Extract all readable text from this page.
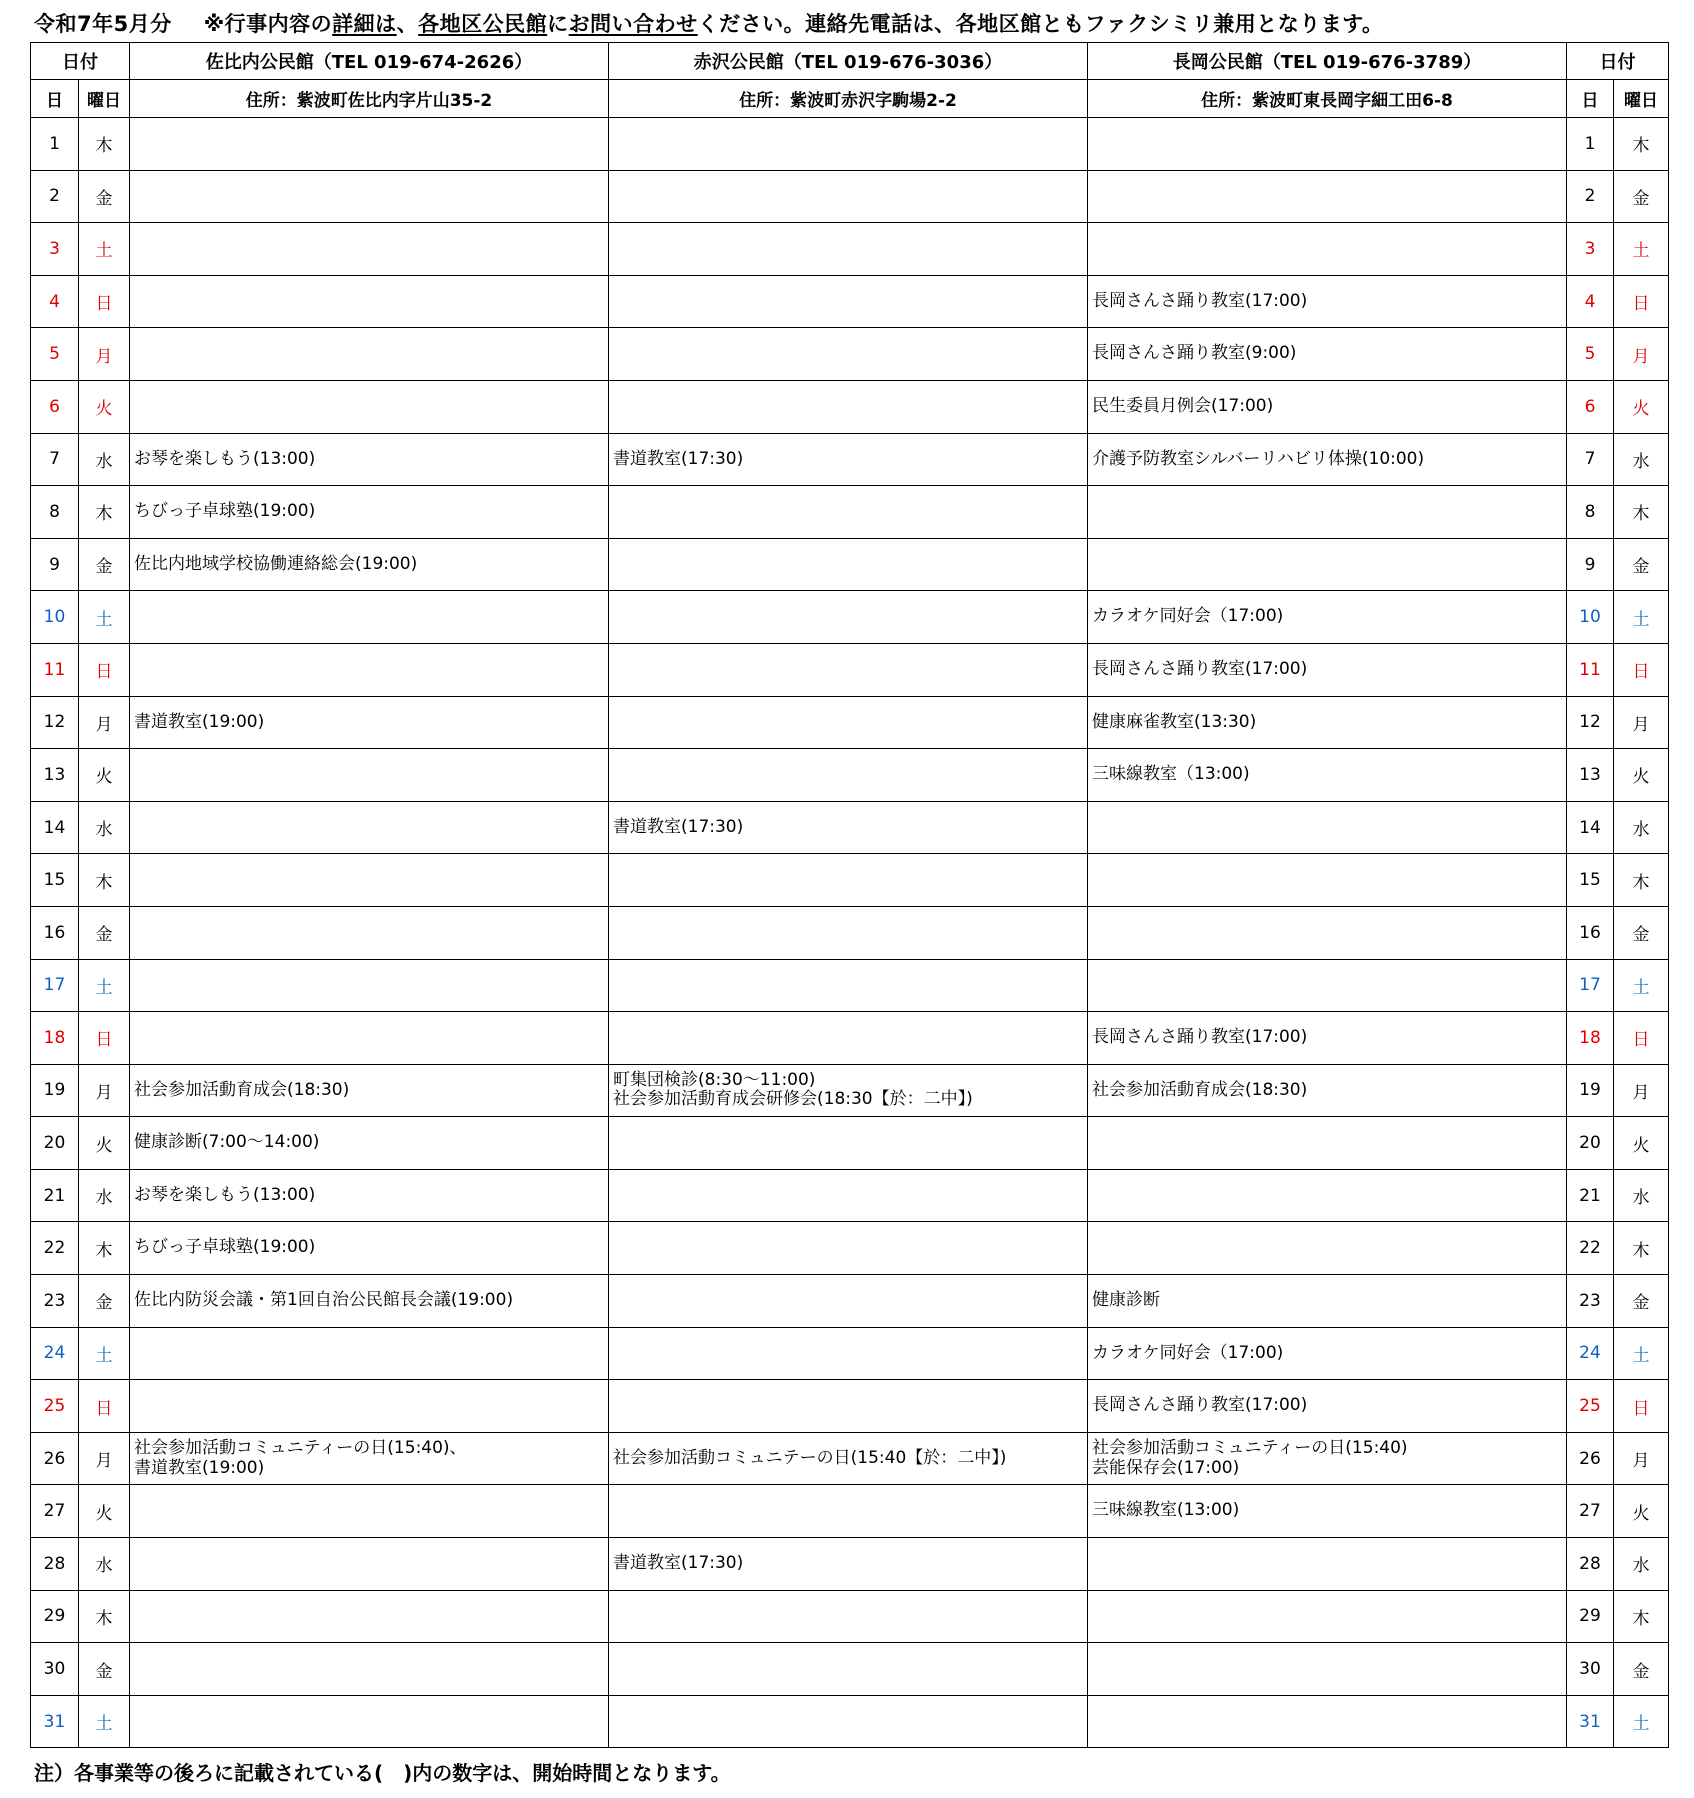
令和7年5月分 ※行事内容の詳細は、各地区公民館にお問い合わせください。連絡先電話は、各地区館ともファクシミリ兼用となります。
日付		佐比内公民館（TEL 019-674-2626）	赤沢公民館（TEL 019-676-3036）	長岡公民館（TEL 019-676-3789）	日付	
日	曜日	住所：紫波町佐比内字片山35-2	住所：紫波町赤沢字駒場2-2	住所：紫波町東長岡字細工田6-8	日	曜日
1	木				1	木
2	金				2	金
3	土				3	土
4	日			長岡さんさ踊り教室(17:00)	4	日
5	月			長岡さんさ踊り教室(9:00)	5	月
6	火			民生委員月例会(17:00)	6	火
7	水	お琴を楽しもう(13:00)	書道教室(17:30)	介護予防教室シルバーリハビリ体操(10:00)	7	水
8	木	ちびっ子卓球塾(19:00)			8	木
9	金	佐比内地域学校協働連絡総会(19:00)			9	金
10	土			カラオケ同好会（17:00)	10	土
11	日			長岡さんさ踊り教室(17:00)	11	日
12	月	書道教室(19:00)		健康麻雀教室(13:30)	12	月
13	火			三味線教室（13:00)	13	火
14	水		書道教室(17:30)		14	水
15	木				15	木
16	金				16	金
17	土				17	土
18	日			長岡さんさ踊り教室(17:00)	18	日
19	月	社会参加活動育成会(18:30)	町集団検診(8:30～11:00)
社会参加活動育成会研修会(18:30【於：二中】)	社会参加活動育成会(18:30)	19	月
20	火	健康診断(7:00～14:00)			20	火
21	水	お琴を楽しもう(13:00)			21	水
22	木	ちびっ子卓球塾(19:00)			22	木
23	金	佐比内防災会議・第1回自治公民館長会議(19:00)		健康診断	23	金
24	土			カラオケ同好会（17:00)	24	土
25	日			長岡さんさ踊り教室(17:00)	25	日
26	月	社会参加活動コミュニティーの日(15:40)、
書道教室(19:00)	社会参加活動コミュニテーの日(15:40【於：二中】)	社会参加活動コミュニティーの日(15:40)
芸能保存会(17:00)	26	月
27	火			三味線教室(13:00)	27	火
28	水		書道教室(17:30)		28	水
29	木				29	木
30	金				30	金
31	土				31	土
注）各事業等の後ろに記載されている(　)内の数字は、開始時間となります。
